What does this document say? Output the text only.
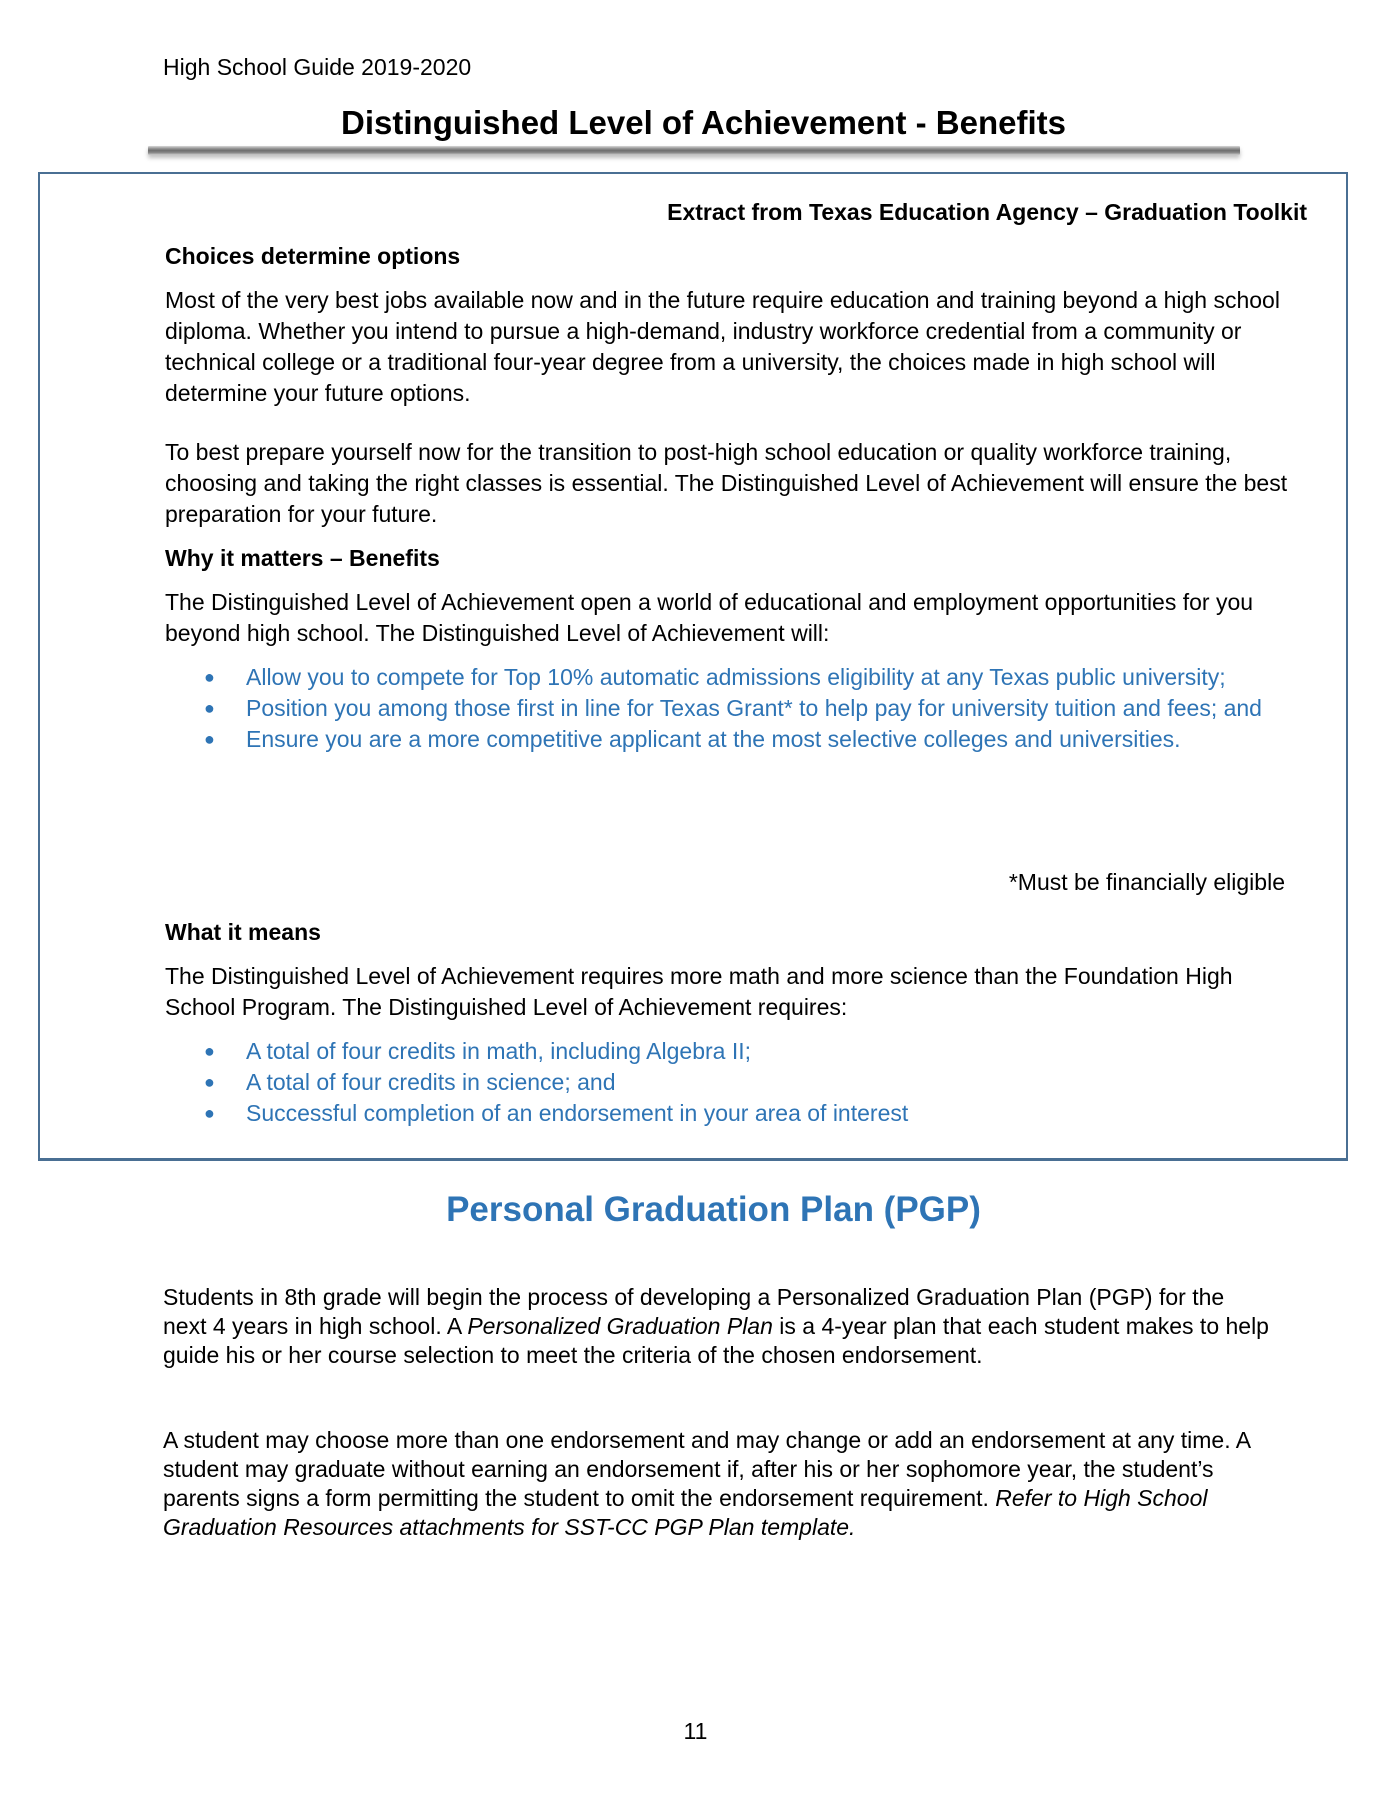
High School Guide 2019-2020
Distinguished Level of Achievement - Benefits
Extract from Texas Education Agency – Graduation Toolkit
Choices determine options
Most of the very best jobs available now and in the future require education and training beyond a high school diploma. Whether you intend to pursue a high-demand, industry workforce credential from a community or technical college or a traditional four-year degree from a university, the choices made in high school will determine your future options.
To best prepare yourself now for the transition to post-high school education or quality workforce training, choosing and taking the right classes is essential. The Distinguished Level of Achievement will ensure the best preparation for your future.
Why it matters – Benefits
The Distinguished Level of Achievement open a world of educational and employment opportunities for you beyond high school. The Distinguished Level of Achievement will:
● Allow you to compete for Top 10% automatic admissions eligibility at any Texas public university;
● Position you among those first in line for Texas Grant* to help pay for university tuition and fees; and
● Ensure you are a more competitive applicant at the most selective colleges and universities.
*Must be financially eligible
What it means
The Distinguished Level of Achievement requires more math and more science than the Foundation High School Program. The Distinguished Level of Achievement requires:
● A total of four credits in math, including Algebra II;
● A total of four credits in science; and
● Successful completion of an endorsement in your area of interest
Personal Graduation Plan (PGP)
Students in 8th grade will begin the process of developing a Personalized Graduation Plan (PGP) for the next 4 years in high school. A Personalized Graduation Plan is a 4-year plan that each student makes to help guide his or her course selection to meet the criteria of the chosen endorsement.
A student may choose more than one endorsement and may change or add an endorsement at any time. A student may graduate without earning an endorsement if, after his or her sophomore year, the student’s parents signs a form permitting the student to omit the endorsement requirement. Refer to High School Graduation Resources attachments for SST-CC PGP Plan template.
11
